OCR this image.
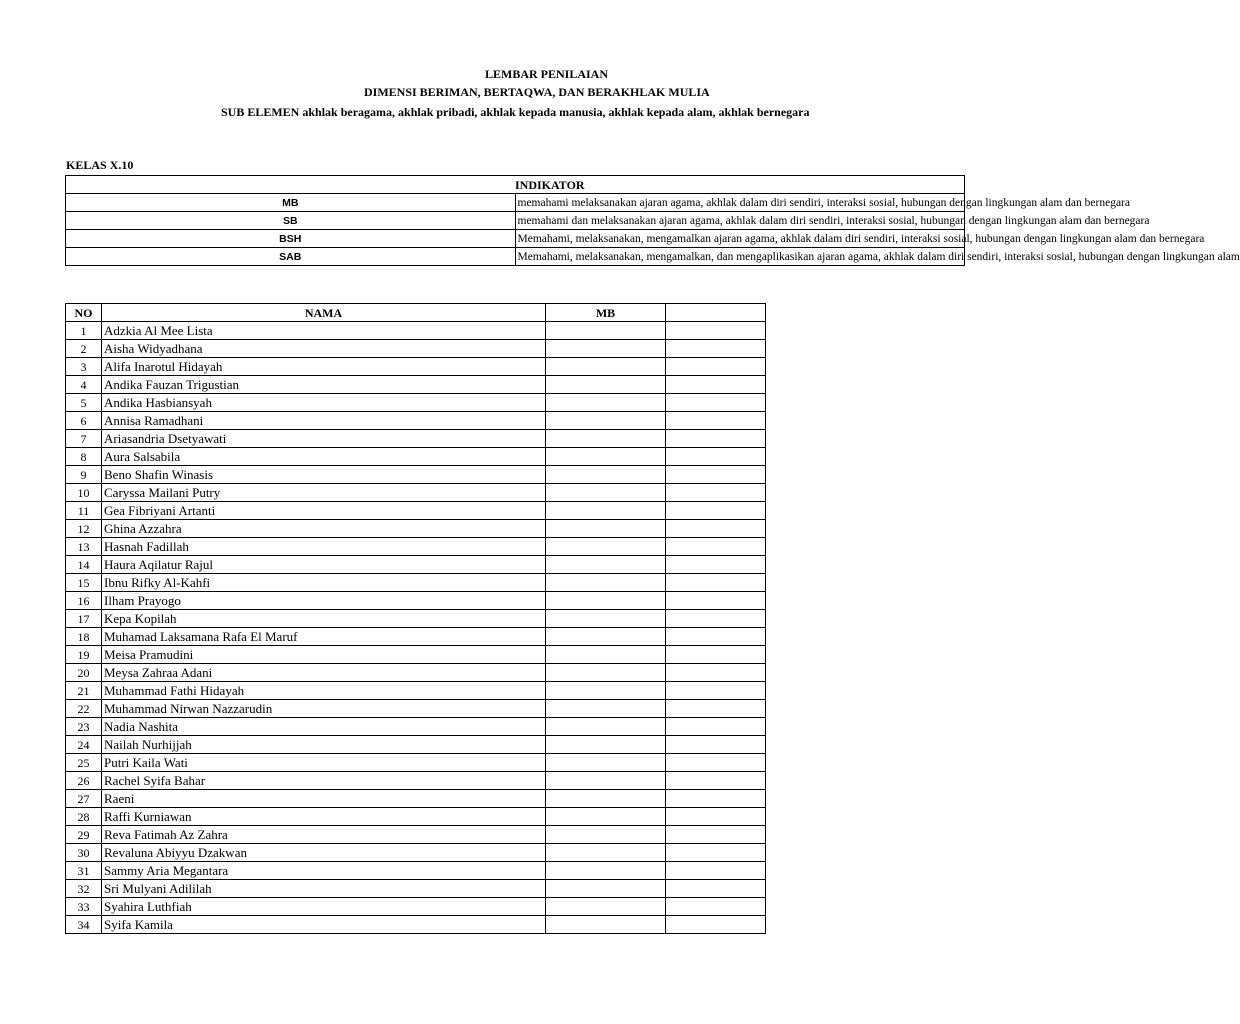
LEMBAR PENILAIAN
DIMENSI BERIMAN, BERTAQWA, DAN BERAKHLAK MULIA
SUB ELEMEN akhlak beragama, akhlak pribadi, akhlak kepada manusia, akhlak kepada alam, akhlak bernegara
KELAS X.10
INDIKATOR	
MB	memahami melaksanakan ajaran agama, akhlak dalam diri sendiri, interaksi sosial, hubungan dengan lingkungan alam dan bernegara
SB	memahami dan melaksanakan ajaran agama, akhlak dalam diri sendiri, interaksi sosial, hubungan dengan lingkungan alam dan bernegara
BSH	Memahami, melaksanakan, mengamalkan ajaran agama, akhlak dalam diri sendiri, interaksi sosial, hubungan dengan lingkungan alam dan bernegara
SAB	Memahami, melaksanakan, mengamalkan, dan mengaplikasikan ajaran agama, akhlak dalam diri sendiri, interaksi sosial, hubungan dengan lingkungan alam
NO	NAMA	MB	
1	Adzkia Al Mee Lista		
2	Aisha Widyadhana		
3	Alifa Inarotul Hidayah		
4	Andika Fauzan Trigustian		
5	Andika Hasbiansyah		
6	Annisa Ramadhani		
7	Ariasandria Dsetyawati		
8	Aura Salsabila		
9	Beno Shafin Winasis		
10	Caryssa Mailani Putry		
11	Gea Fibriyani Artanti		
12	Ghina Azzahra		
13	Hasnah Fadillah		
14	Haura Aqilatur Rajul		
15	Ibnu Rifky Al-Kahfi		
16	Ilham Prayogo		
17	Kepa Kopilah		
18	Muhamad Laksamana Rafa El Maruf		
19	Meisa Pramudini		
20	Meysa Zahraa Adani		
21	Muhammad Fathi Hidayah		
22	Muhammad Nirwan Nazzarudin		
23	Nadia Nashita		
24	Nailah Nurhijjah		
25	Putri Kaila Wati		
26	Rachel Syifa Bahar		
27	Raeni		
28	Raffi Kurniawan		
29	Reva Fatimah Az Zahra		
30	Revaluna Abiyyu Dzakwan		
31	Sammy Aria Megantara		
32	Sri Mulyani Adililah		
33	Syahira Luthfiah		
34	Syifa Kamila		
